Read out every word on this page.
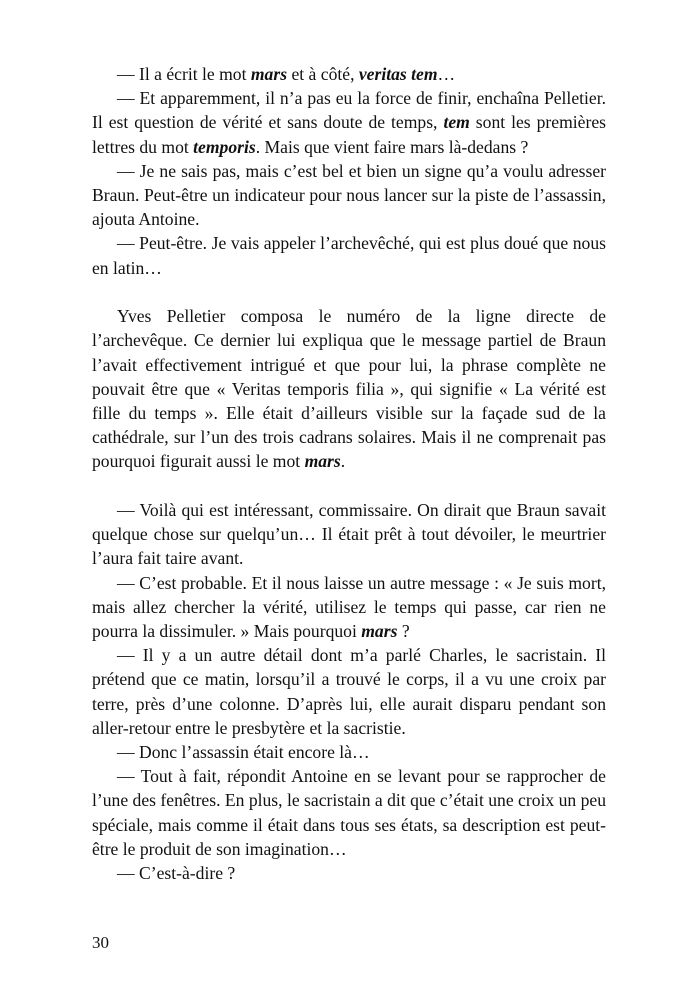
— Il a écrit le mot mars et à côté, veritas tem…

— Et apparemment, il n’a pas eu la force de finir, enchaîna Pelletier. Il est question de vérité et sans doute de temps, tem sont les premières lettres du mot temporis. Mais que vient faire mars là-dedans ?

— Je ne sais pas, mais c’est bel et bien un signe qu’a voulu adresser Braun. Peut-être un indicateur pour nous lancer sur la piste de l’assassin, ajouta Antoine.

— Peut-être. Je vais appeler l’archevêché, qui est plus doué que nous en latin…

Yves Pelletier composa le numéro de la ligne directe de l’archevêque. Ce dernier lui expliqua que le message partiel de Braun l’avait effectivement intrigué et que pour lui, la phrase complète ne pouvait être que « Veritas temporis filia », qui signifie « La vérité est fille du temps ». Elle était d’ailleurs visible sur la façade sud de la cathédrale, sur l’un des trois cadrans solaires. Mais il ne comprenait pas pourquoi figurait aussi le mot mars.

— Voilà qui est intéressant, commissaire. On dirait que Braun savait quelque chose sur quelqu’un… Il était prêt à tout dévoiler, le meurtrier l’aura fait taire avant.

— C’est probable. Et il nous laisse un autre message : « Je suis mort, mais allez chercher la vérité, utilisez le temps qui passe, car rien ne pourra la dissimuler. » Mais pourquoi mars ?

— Il y a un autre détail dont m’a parlé Charles, le sacristain. Il prétend que ce matin, lorsqu’il a trouvé le corps, il a vu une croix par terre, près d’une colonne. D’après lui, elle aurait disparu pendant son aller-retour entre le presbytère et la sacristie.

— Donc l’assassin était encore là…

— Tout à fait, répondit Antoine en se levant pour se rapprocher de l’une des fenêtres. En plus, le sacristain a dit que c’était une croix un peu spéciale, mais comme il était dans tous ses états, sa description est peut-être le produit de son imagination…

— C’est-à-dire ?

30
